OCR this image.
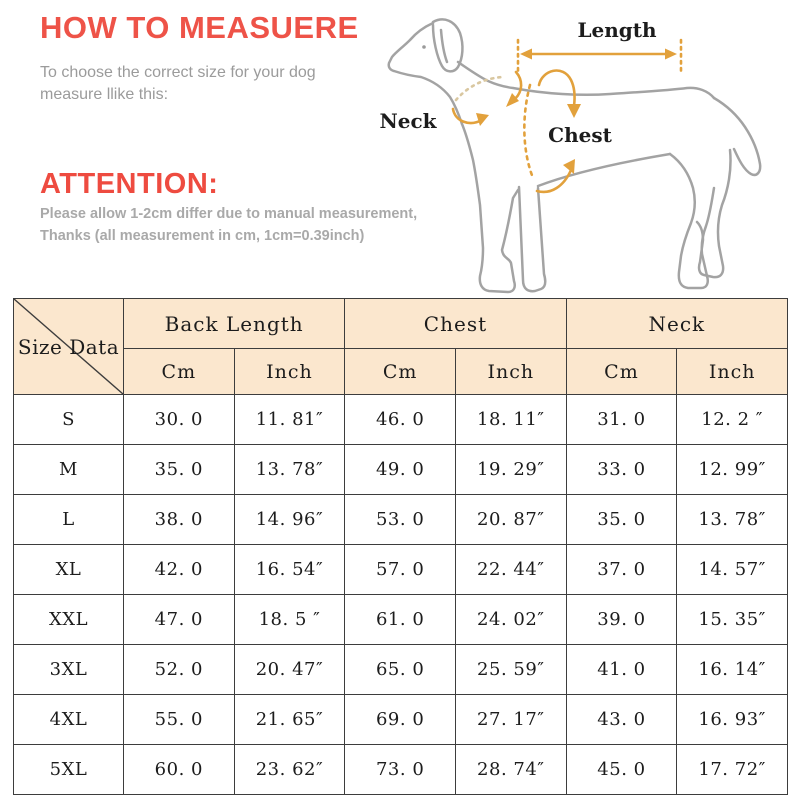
HOW TO MEASUERE
To choose the correct size for your dog
measure llike this:
ATTENTION:
Please allow 1-2cm differ due to manual measurement,
Thanks (all measurement in cm, 1cm=0.39inch)
Length
Neck
Chest
Size Data	Back Length		Chest		Neck	
	Cm	Inch	Cm	Inch	Cm	Inch
S	30. 0	11. 81″	46. 0	18. 11″	31. 0	12. 2 ″
M	35. 0	13. 78″	49. 0	19. 29″	33. 0	12. 99″
L	38. 0	14. 96″	53. 0	20. 87″	35. 0	13. 78″
XL	42. 0	16. 54″	57. 0	22. 44″	37. 0	14. 57″
XXL	47. 0	18. 5 ″	61. 0	24. 02″	39. 0	15. 35″
3XL	52. 0	20. 47″	65. 0	25. 59″	41. 0	16. 14″
4XL	55. 0	21. 65″	69. 0	27. 17″	43. 0	16. 93″
5XL	60. 0	23. 62″	73. 0	28. 74″	45. 0	17. 72″
